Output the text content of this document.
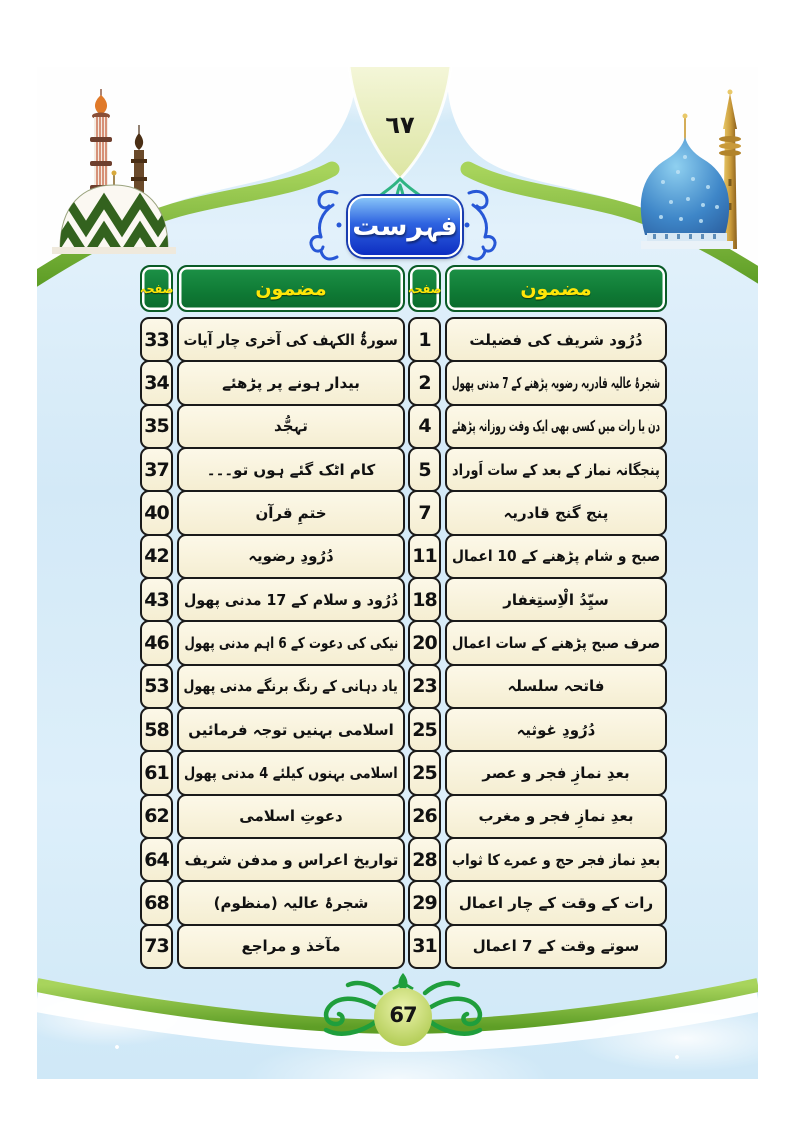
٦٧
فہرست
صفحہ	مضمون
1	دُرُود شریف کی فضیلت
2 شجرۂ عالیہ قادریہ رضویہ پڑھنے کے 7 مدنی پھول
4 دن یا رات میں کسی بھی ایک وقت روزانہ پڑھئے
5 پنجگانہ نماز کے بعد کے سات اَوراد
7	پنج گنج قادریہ
11 صبح و شام پڑھنے کے 10 اعمال
18	سیِّدُ الْاِستِغفار
20 صرف صبح پڑھنے کے سات اعمال
23	فاتحہ سلسلہ
25	دُرُودِ غوثیہ
25	بعدِ نمازِ فجر و عصر
26	بعدِ نمازِ فجر و مغرب
28 بعدِ نماز فجر حج و عمرے کا ثواب
29 رات کے وقت کے چار اعمال
31 سوتے وقت کے 7 اعمال
صفحہ	مضمون
33 سورۃُ الکہف کی آخری چار آیات
34	بیدار ہونے پر پڑھئے
35	تہجُّد
37	کام اٹک گئے ہوں تو۔۔۔
40	ختمِ قرآن
42	دُرُودِ رضویہ
43 دُرُود و سلام کے 17 مدنی پھول
46 نیکی کی دعوت کے 6 اہم مدنی پھول
53 یاد دہانی کے رنگ برنگے مدنی پھول
58 اسلامی بہنیں توجہ فرمائیں
61 اسلامی بہنوں کیلئے 4 مدنی پھول
62	دعوتِ اسلامی
64 تواریخ اعراس و مدفن شریف
68	شجرۂ عالیہ (منظوم)
73	مآخذ و مراجع
67
